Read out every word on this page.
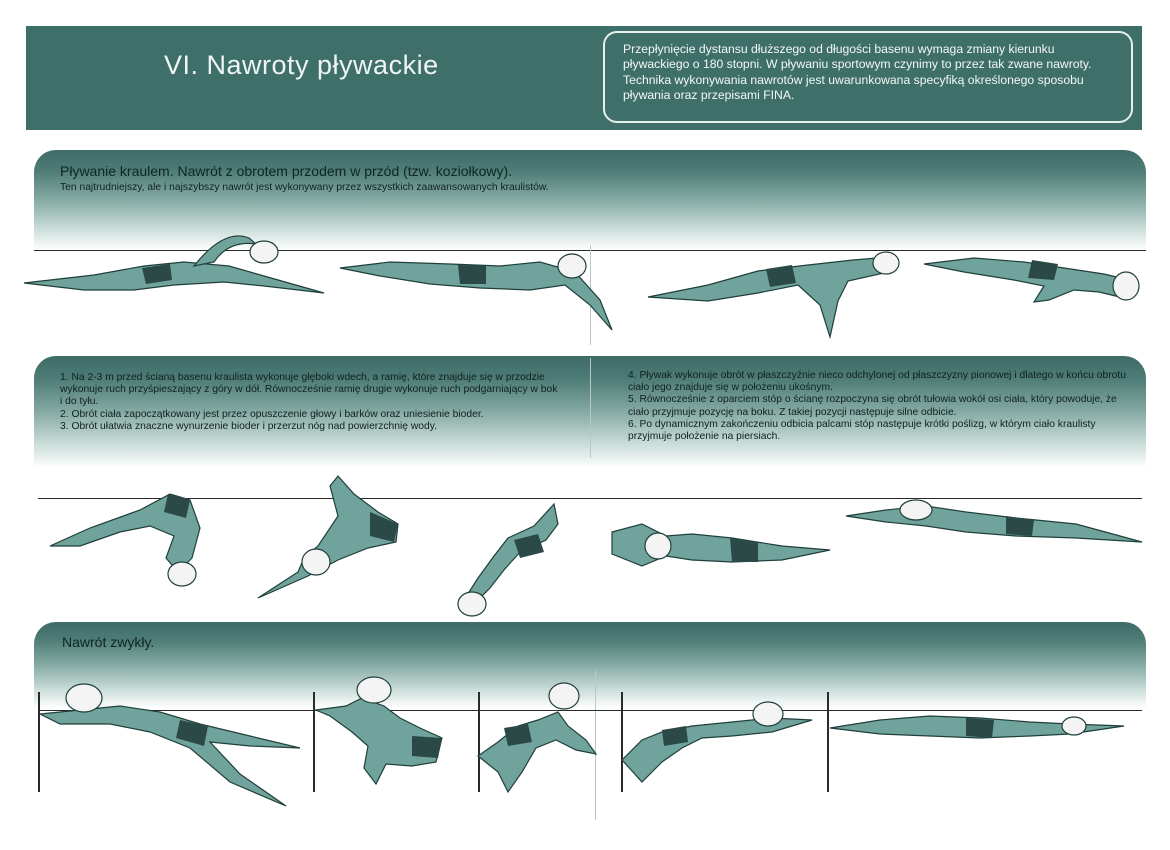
VI. Nawroty pływackie
Przepłynięcie dystansu dłuższego od długości basenu wymaga zmiany kierunku pływackiego o 180 stopni. W pływaniu sportowym czynimy to przez tak zwane nawroty. Technika wykonywania nawrotów jest uwarunkowana specyfiką określonego sposobu pływania oraz przepisami FINA.
Pływanie kraulem. Nawrót z obrotem przodem w przód (tzw. koziołkowy).
Ten najtrudniejszy, ale i najszybszy nawrót jest wykonywany przez wszystkich zaawansowanych kraulistów.
1. Na 2-3 m przed ścianą basenu kraulista wykonuje głęboki wdech, a ramię, które znajduje się w przodzie wykonuje ruch przyśpieszający z góry w dół. Równocześnie ramię drugie wykonuje ruch podgarniający w bok i do tyłu.
2. Obrót ciała zapoczątkowany jest przez opuszczenie głowy i barków oraz uniesienie bioder.
3. Obrót ułatwia znaczne wynurzenie bioder i przerzut nóg nad powierzchnię wody.
4. Pływak wykonuje obrót w płaszczyźnie nieco odchylonej od płaszczyzny pionowej i dlatego w końcu obrotu ciało jego znajduje się w położeniu ukośnym.
5. Równocześnie z oparciem stóp o ścianę rozpoczyna się obrót tułowia wokół osi ciała, który powoduje, że ciało przyjmuje pozycję na boku. Z takiej pozycji następuje silne odbicie.
6. Po dynamicznym zakończeniu odbicia palcami stóp następuje krótki poślizg, w którym ciało kraulisty przyjmuje położenie na piersiach.
Nawrót zwykły.
